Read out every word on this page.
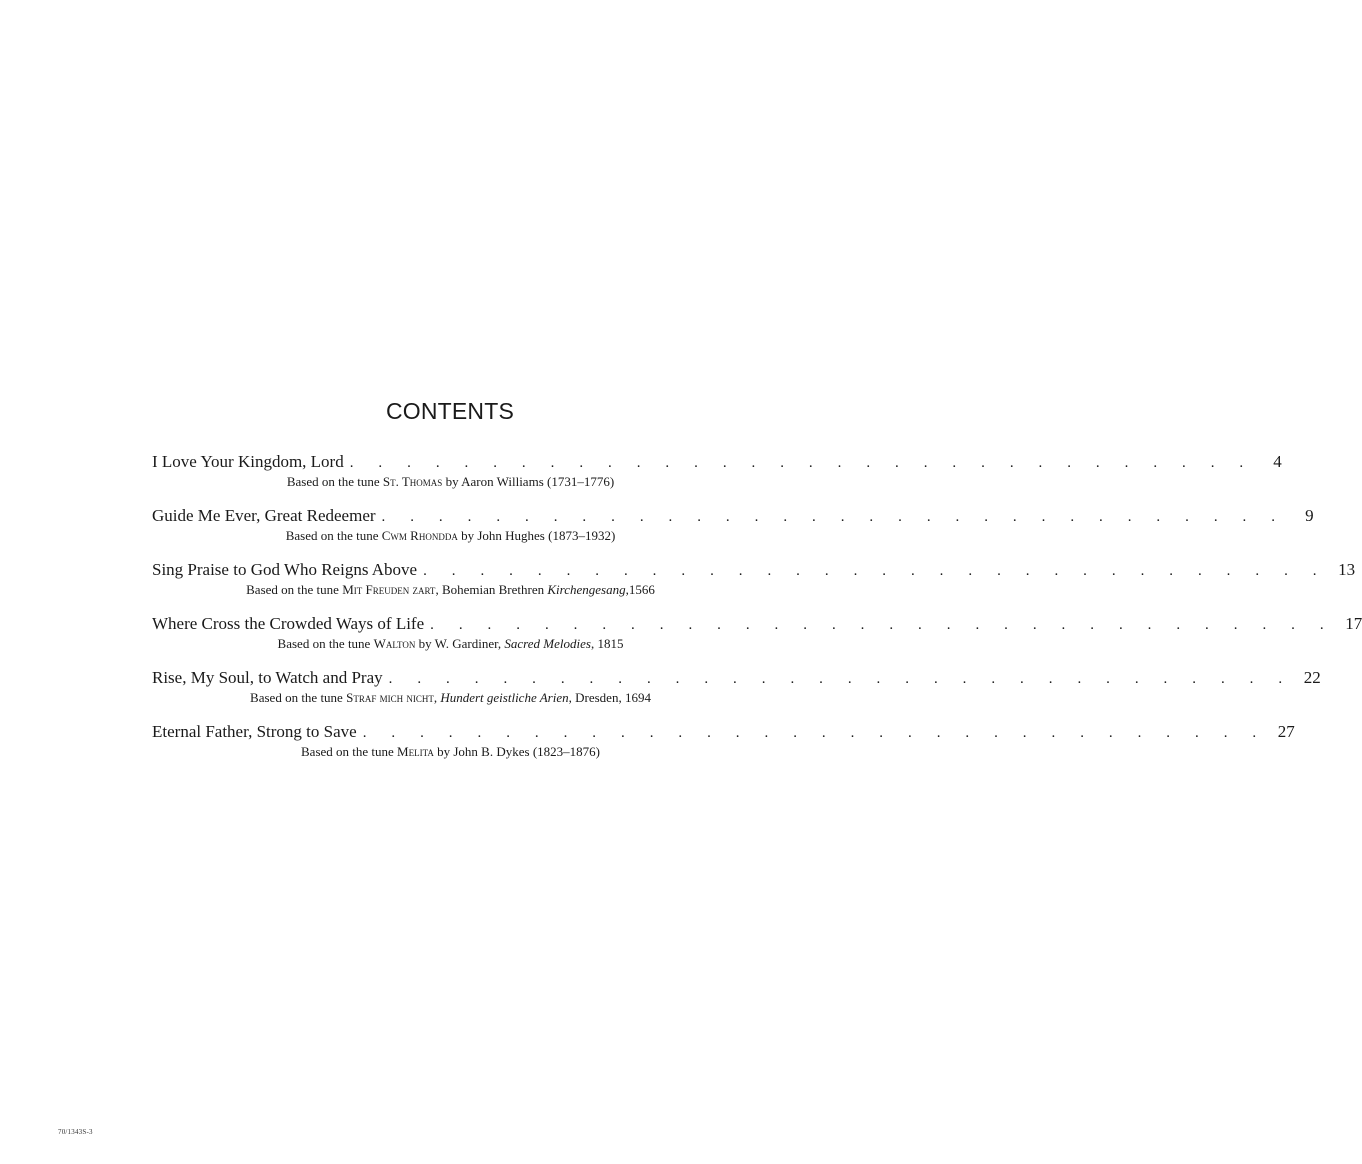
CONTENTS
I Love Your Kingdom, Lord . . . . . . . . . . . . . . . . . . . . . . . . . . . . . . . .	4
Based on the tune St. Thomas by Aaron Williams (1731–1776)
Guide Me Ever, Great Redeemer . . . . . . . . . . . . . . . . . . . . . . . . . . . . . . . .	9
Based on the tune Cwm Rhondda by John Hughes (1873–1932)
Sing Praise to God Who Reigns Above . . . . . . . . . . . . . . . . . . . . . . . . . . . . . . . . 13
Based on the tune Mit Freuden zart, Bohemian Brethren Kirchengesang,1566
Where Cross the Crowded Ways of Life . . . . . . . . . . . . . . . . . . . . . . . . . . . . . . . . 17
Based on the tune Walton by W. Gardiner, Sacred Melodies, 1815
Rise, My Soul, to Watch and Pray . . . . . . . . . . . . . . . . . . . . . . . . . . . . . . . . 22
Based on the tune Straf mich nicht, Hundert geistliche Arien, Dresden, 1694
Eternal Father, Strong to Save . . . . . . . . . . . . . . . . . . . . . . . . . . . . . . . . 27
Based on the tune Melita by John B. Dykes (1823–1876)
70/1343S-3
